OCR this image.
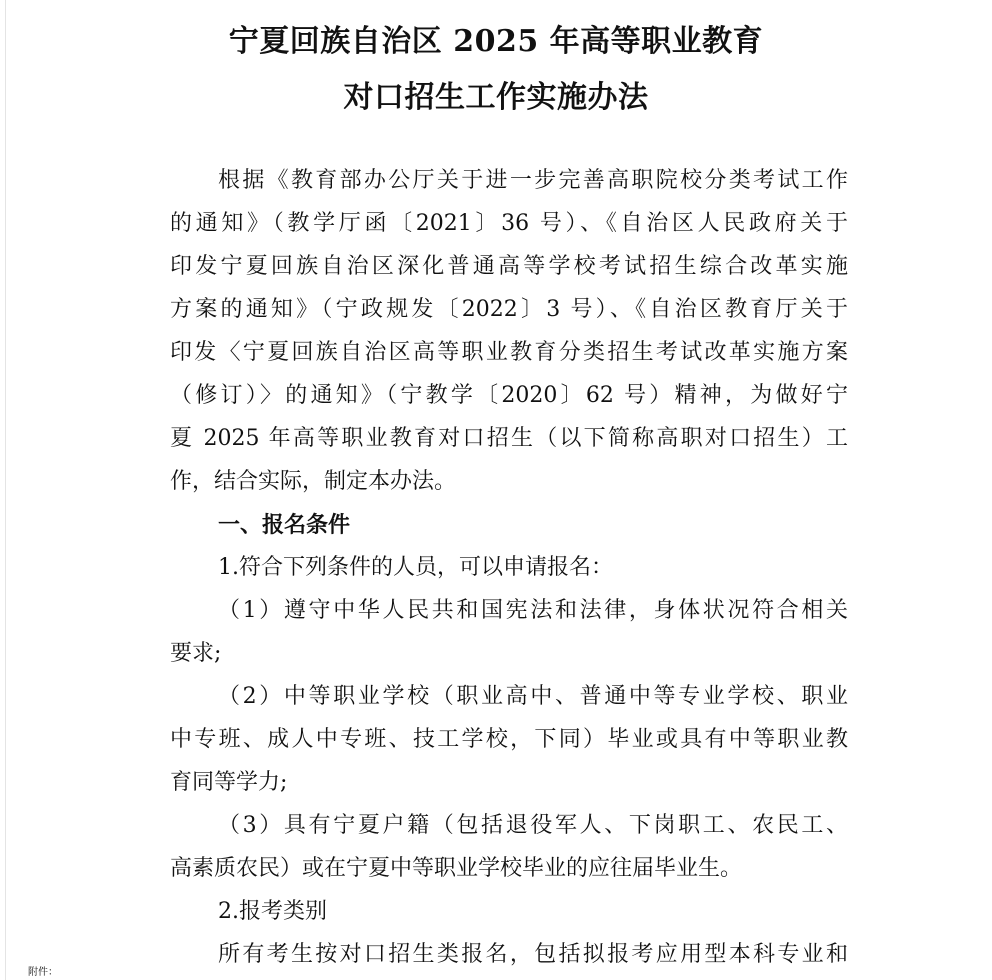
宁夏回族自治区 2025 年高等职业教育
对口招生工作实施办法

根据《教育部办公厅关于进一步完善高职院校分类考试工作

的通知》（教学厅函〔2021〕36 号）、《自治区人民政府关于

印发宁夏回族自治区深化普通高等学校考试招生综合改革实施

方案的通知》（宁政规发〔2022〕3 号）、《自治区教育厅关于

印发〈宁夏回族自治区高等职业教育分类招生考试改革实施方案

（修订）〉的通知》（宁教学〔2020〕62 号）精神，为做好宁

夏 2025 年高等职业教育对口招生（以下简称高职对口招生）工

作，结合实际，制定本办法。

一、报名条件

1.符合下列条件的人员，可以申请报名：

（1）遵守中华人民共和国宪法和法律，身体状况符合相关

要求;

（2）中等职业学校（职业高中、普通中等专业学校、职业

中专班、成人中专班、技工学校，下同）毕业或具有中等职业教

育同等学力;

（3）具有宁夏户籍（包括退役军人、下岗职工、农民工、

高素质农民）或在宁夏中等职业学校毕业的应往届毕业生。

2.报考类别

所有考生按对口招生类报名，包括拟报考应用型本科专业和

附件：
